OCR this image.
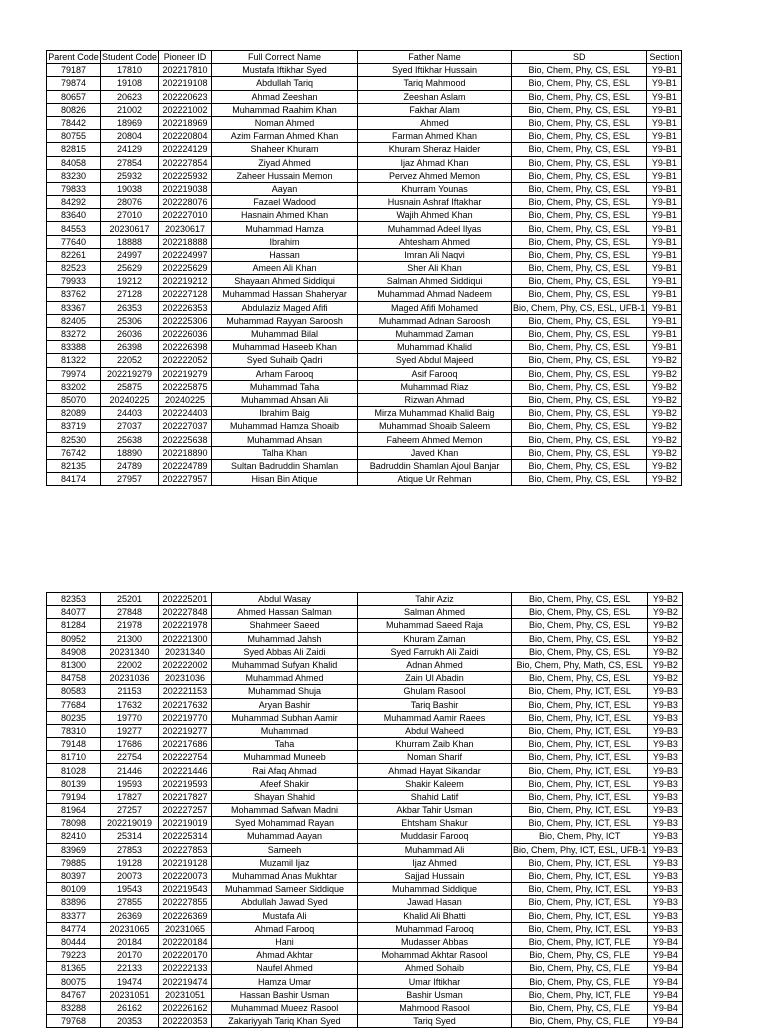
Parent Code	Student Code	Pioneer ID	Full Correct Name	Father Name	SD	Section
79187	17810	202217810	Mustafa Iftikhar Syed	Syed Iftikhar Hussain	Bio, Chem, Phy, CS, ESL	Y9-B1
79874	19108	202219108	Abdullah Tariq	Tariq Mahmood	Bio, Chem, Phy, CS, ESL	Y9-B1
80657	20623	202220623	Ahmad Zeeshan	Zeeshan Aslam	Bio, Chem, Phy, CS, ESL	Y9-B1
80826	21002	202221002	Muhammad Raahim Khan	Fakhar Alam	Bio, Chem, Phy, CS, ESL	Y9-B1
78442	18969	202218969	Noman Ahmed	Ahmed	Bio, Chem, Phy, CS, ESL	Y9-B1
80755	20804	202220804	Azim Farman Ahmed Khan	Farman Ahmed Khan	Bio, Chem, Phy, CS, ESL	Y9-B1
82815	24129	202224129	Shaheer Khuram	Khuram Sheraz Haider	Bio, Chem, Phy, CS, ESL	Y9-B1
84058	27854	202227854	Ziyad Ahmed	Ijaz Ahmad Khan	Bio, Chem, Phy, CS, ESL	Y9-B1
83230	25932	202225932	Zaheer Hussain Memon	Pervez Ahmed Memon	Bio, Chem, Phy, CS, ESL	Y9-B1
79833	19038	202219038	Aayan	Khurram Younas	Bio, Chem, Phy, CS, ESL	Y9-B1
84292	28076	202228076	Fazael Wadood	Husnain Ashraf Iftakhar	Bio, Chem, Phy, CS, ESL	Y9-B1
83640	27010	202227010	Hasnain Ahmed Khan	Wajih Ahmed Khan	Bio, Chem, Phy, CS, ESL	Y9-B1
84553	20230617	20230617	Muhammad Hamza	Muhammad Adeel Ilyas	Bio, Chem, Phy, CS, ESL	Y9-B1
77640	18888	202218888	Ibrahim	Ahtesham Ahmed	Bio, Chem, Phy, CS, ESL	Y9-B1
82261	24997	202224997	Hassan	Imran Ali Naqvi	Bio, Chem, Phy, CS, ESL	Y9-B1
82523	25629	202225629	Ameen Ali Khan	Sher Ali Khan	Bio, Chem, Phy, CS, ESL	Y9-B1
79933	19212	202219212	Shayaan Ahmed Siddiqui	Salman Ahmed Siddiqui	Bio, Chem, Phy, CS, ESL	Y9-B1
83762	27128	202227128	Muhammad Hassan Shaheryar	Muhammad Ahmad Nadeem	Bio, Chem, Phy, CS, ESL	Y9-B1
83367	26353	202226353	Abdulaziz Maged Afifi	Maged Afifi Mohamed	Bio, Chem, Phy, CS, ESL, UFB-1	Y9-B1
82405	25306	202225306	Muhammad Rayyan Saroosh	Muhammad Adnan Saroosh	Bio, Chem, Phy, CS, ESL	Y9-B1
83272	26036	202226036	Muhammad Bilal	Muhammad Zaman	Bio, Chem, Phy, CS, ESL	Y9-B1
83388	26398	202226398	Muhammad Haseeb Khan	Muhammad Khalid	Bio, Chem, Phy, CS, ESL	Y9-B1
81322	22052	202222052	Syed Suhaib Qadri	Syed Abdul Majeed	Bio, Chem, Phy, CS, ESL	Y9-B2
79974	202219279	202219279	Arham Farooq	Asif Farooq	Bio, Chem, Phy, CS, ESL	Y9-B2
83202	25875	202225875	Muhammad Taha	Muhammad Riaz	Bio, Chem, Phy, CS, ESL	Y9-B2
85070	20240225	20240225	Muhammad Ahsan Ali	Rizwan Ahmad	Bio, Chem, Phy, CS, ESL	Y9-B2
82089	24403	202224403	Ibrahim Baig	Mirza Muhammad Khalid Baig	Bio, Chem, Phy, CS, ESL	Y9-B2
83719	27037	202227037	Muhammad Hamza Shoaib	Muhammad Shoaib Saleem	Bio, Chem, Phy, CS, ESL	Y9-B2
82530	25638	202225638	Muhammad Ahsan	Faheem Ahmed Memon	Bio, Chem, Phy, CS, ESL	Y9-B2
76742	18890	202218890	Talha Khan	Javed Khan	Bio, Chem, Phy, CS, ESL	Y9-B2
82135	24789	202224789	Sultan Badruddin Shamlan	Badruddin Shamlan Ajoul Banjar	Bio, Chem, Phy, CS, ESL	Y9-B2
84174	27957	202227957	Hisan Bin Atique	Atique Ur Rehman	Bio, Chem, Phy, CS, ESL	Y9-B2
82353	25201	202225201	Abdul Wasay	Tahir Aziz	Bio, Chem, Phy, CS, ESL	Y9-B2
84077	27848	202227848	Ahmed Hassan Salman	Salman Ahmed	Bio, Chem, Phy, CS, ESL	Y9-B2
81284	21978	202221978	Shahmeer Saeed	Muhammad Saeed Raja	Bio, Chem, Phy, CS, ESL	Y9-B2
80952	21300	202221300	Muhammad Jahsh	Khuram Zaman	Bio, Chem, Phy, CS, ESL	Y9-B2
84908	20231340	20231340	Syed Abbas Ali Zaidi	Syed Farrukh Ali Zaidi	Bio, Chem, Phy, CS, ESL	Y9-B2
81300	22002	202222002	Muhammad Sufyan Khalid	Adnan Ahmed	Bio, Chem, Phy, Math, CS, ESL	Y9-B2
84758	20231036	20231036	Muhammad Ahmed	Zain Ul Abadin	Bio, Chem, Phy, CS, ESL	Y9-B2
80583	21153	202221153	Muhammad Shuja	Ghulam Rasool	Bio, Chem, Phy, ICT, ESL	Y9-B3
77684	17632	202217632	Aryan Bashir	Tariq Bashir	Bio, Chem, Phy, ICT, ESL	Y9-B3
80235	19770	202219770	Muhammad Subhan Aamir	Muhammad Aamir Raees	Bio, Chem, Phy, ICT, ESL	Y9-B3
78310	19277	202219277	Muhammad	Abdul Waheed	Bio, Chem, Phy, ICT, ESL	Y9-B3
79148	17686	202217686	Taha	Khurram Zaib Khan	Bio, Chem, Phy, ICT, ESL	Y9-B3
81710	22754	202222754	Muhammad Muneeb	Noman Sharif	Bio, Chem, Phy, ICT, ESL	Y9-B3
81028	21446	202221446	Rai Afaq Ahmad	Ahmad Hayat Sikandar	Bio, Chem, Phy, ICT, ESL	Y9-B3
80139	19593	202219593	Afeef Shakir	Shakir Kaleem	Bio, Chem, Phy, ICT, ESL	Y9-B3
79194	17827	202217827	Shayan Shahid	Shahid Latif	Bio, Chem, Phy, ICT, ESL	Y9-B3
81964	27257	202227257	Mohammad Safwan Madni	Akbar Tahir Usman	Bio, Chem, Phy, ICT, ESL	Y9-B3
78098	202219019	202219019	Syed Mohammad Rayan	Ehtsham Shakur	Bio, Chem, Phy, ICT, ESL	Y9-B3
82410	25314	202225314	Muhammad Aayan	Muddasir Farooq	Bio, Chem, Phy, ICT	Y9-B3
83969	27853	202227853	Sameeh	Muhammad Ali	Bio, Chem, Phy, ICT, ESL, UFB-1	Y9-B3
79885	19128	202219128	Muzamil Ijaz	Ijaz Ahmed	Bio, Chem, Phy, ICT, ESL	Y9-B3
80397	20073	202220073	Muhammad Anas Mukhtar	Sajjad Hussain	Bio, Chem, Phy, ICT, ESL	Y9-B3
80109	19543	202219543	Muhammad Sameer Siddique	Muhammad Siddique	Bio, Chem, Phy, ICT, ESL	Y9-B3
83896	27855	202227855	Abdullah Jawad Syed	Jawad Hasan	Bio, Chem, Phy, ICT, ESL	Y9-B3
83377	26369	202226369	Mustafa Ali	Khalid Ali Bhatti	Bio, Chem, Phy, ICT, ESL	Y9-B3
84774	20231065	20231065	Ahmad Farooq	Muhammad Farooq	Bio, Chem, Phy, ICT, ESL	Y9-B3
80444	20184	202220184	Hani	Mudasser Abbas	Bio, Chem, Phy, ICT, FLE	Y9-B4
79223	20170	202220170	Ahmad Akhtar	Mohammad Akhtar Rasool	Bio, Chem, Phy, CS, FLE	Y9-B4
81365	22133	202222133	Naufel Ahmed	Ahmed Sohaib	Bio, Chem, Phy, CS, FLE	Y9-B4
80075	19474	202219474	Hamza Umar	Umar Iftikhar	Bio, Chem, Phy, CS, FLE	Y9-B4
84767	20231051	20231051	Hassan Bashir Usman	Bashir Usman	Bio, Chem, Phy, ICT, FLE	Y9-B4
83288	26162	202226162	Muhammad Mueez Rasool	Mahmood Rasool	Bio, Chem, Phy, CS, FLE	Y9-B4
79768	20353	202220353	Zakariyyah Tariq Khan Syed	Tariq Syed	Bio, Chem, Phy, CS, FLE	Y9-B4
